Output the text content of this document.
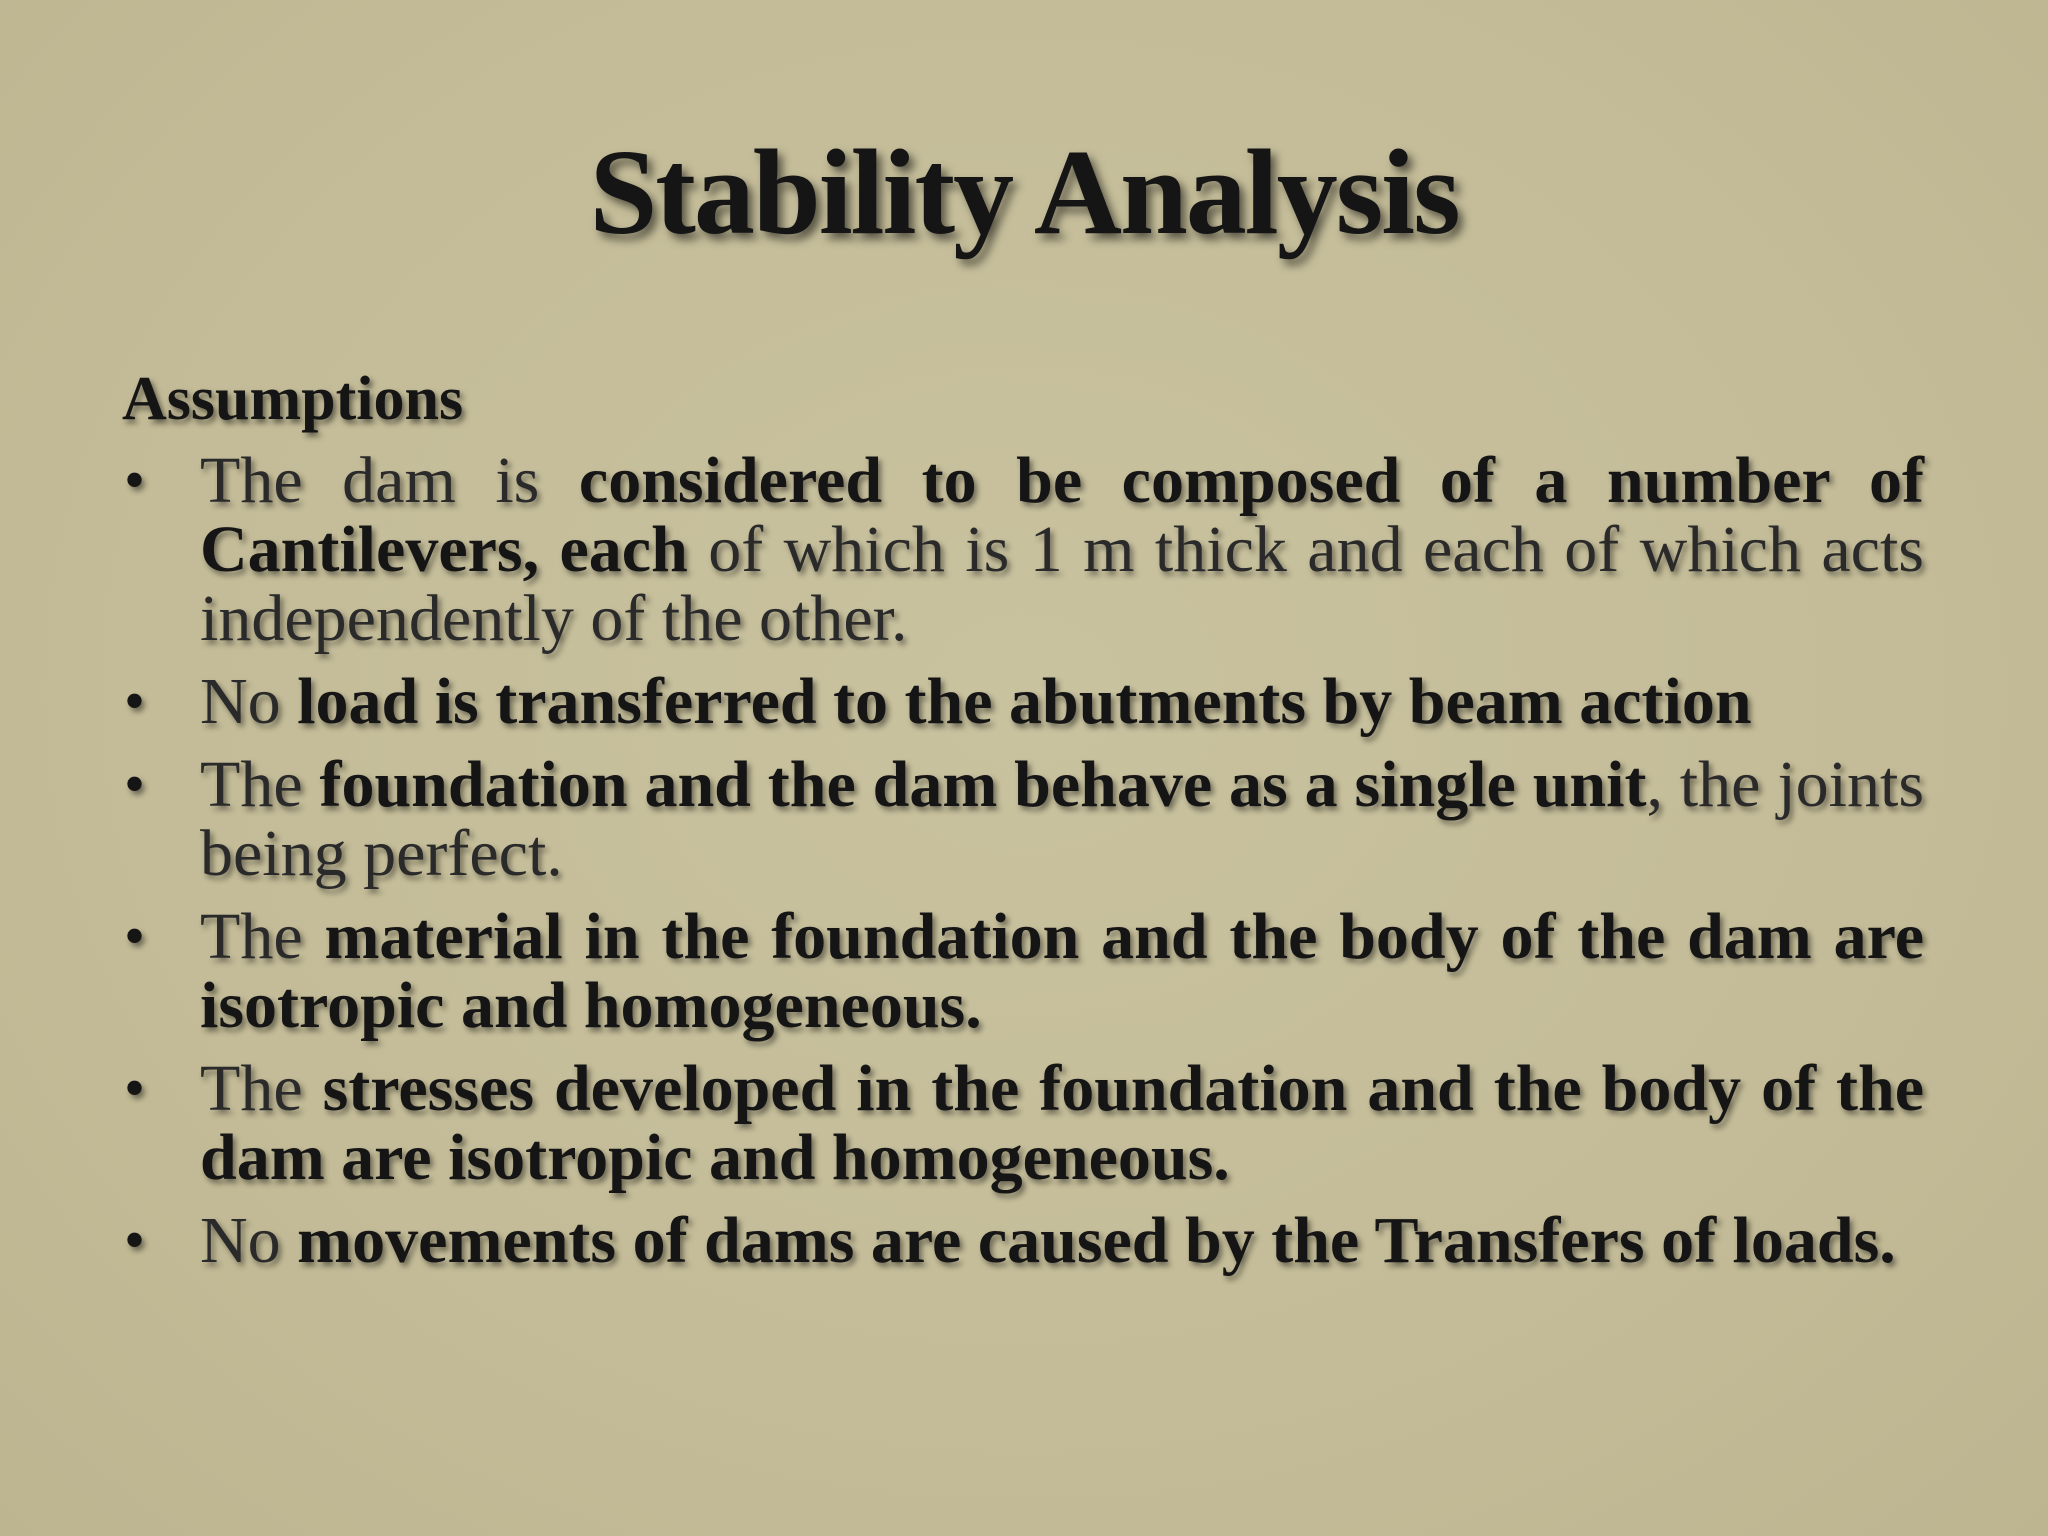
Stability Analysis
Assumptions
• The dam is considered to be composed of a number of Cantilevers, each of which is 1 m thick and each of which acts independently of the other.
• No load is transferred to the abutments by beam action
• The foundation and the dam behave as a single unit, the joints being perfect.
• The material in the foundation and the body of the dam are isotropic and homogeneous.
• The stresses developed in the foundation and the body of the dam are isotropic and homogeneous.
• No movements of dams are caused by the Transfers of loads.
